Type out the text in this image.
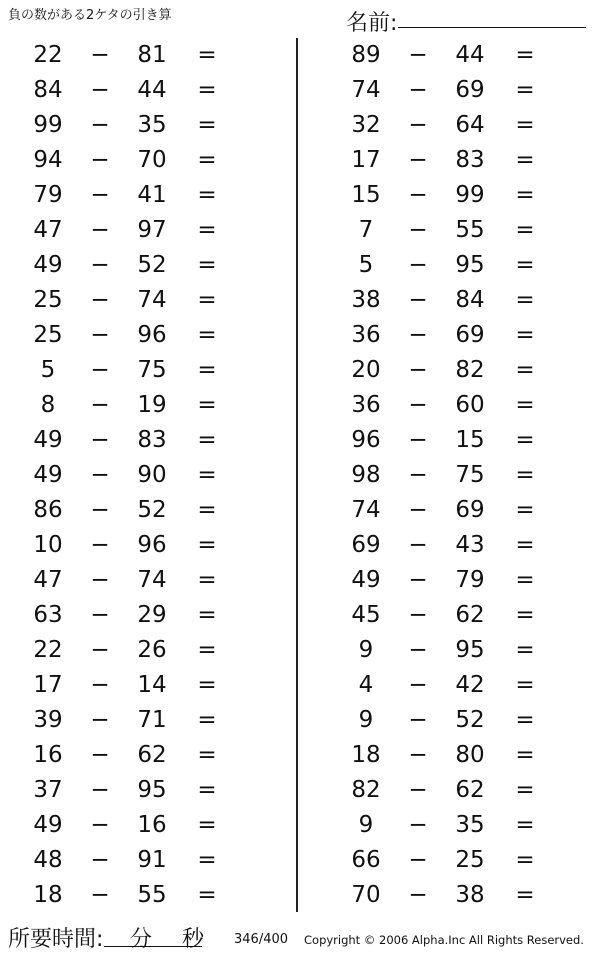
負の数がある2ケタの引き算	名前:
22	−	81	=
84	−	44	=
99	−	35	=
94	−	70	=
79	−	41	=
47	−	97	=
49	−	52	=
25	−	74	=
25	−	96	=
5	−	75	=
8	−	19	=
49	−	83	=
49	−	90	=
86	−	52	=
10	−	96	=
47	−	74	=
63	−	29	=
22	−	26	=
17	−	14	=
39	−	71	=
16	−	62	=
37	−	95	=
49	−	16	=
48	−	91	=
18	−	55	=
89	−	44	=
74	−	69	=
32	−	64	=
17	−	83	=
15	−	99	=
7	−	55	=
5	−	95	=
38	−	84	=
36	−	69	=
20	−	82	=
36	−	60	=
96	−	15	=
98	−	75	=
74	−	69	=
69	−	43	=
49	−	79	=
45	−	62	=
9	−	95	=
4	−	42	=
9	−	52	=
18	−	80	=
82	−	62	=
9	−	35	=
66	−	25	=
70	−	38	=
所要時間: 分 秒 346/400 Copyright © 2006 Alpha.Inc All Rights Reserved.
